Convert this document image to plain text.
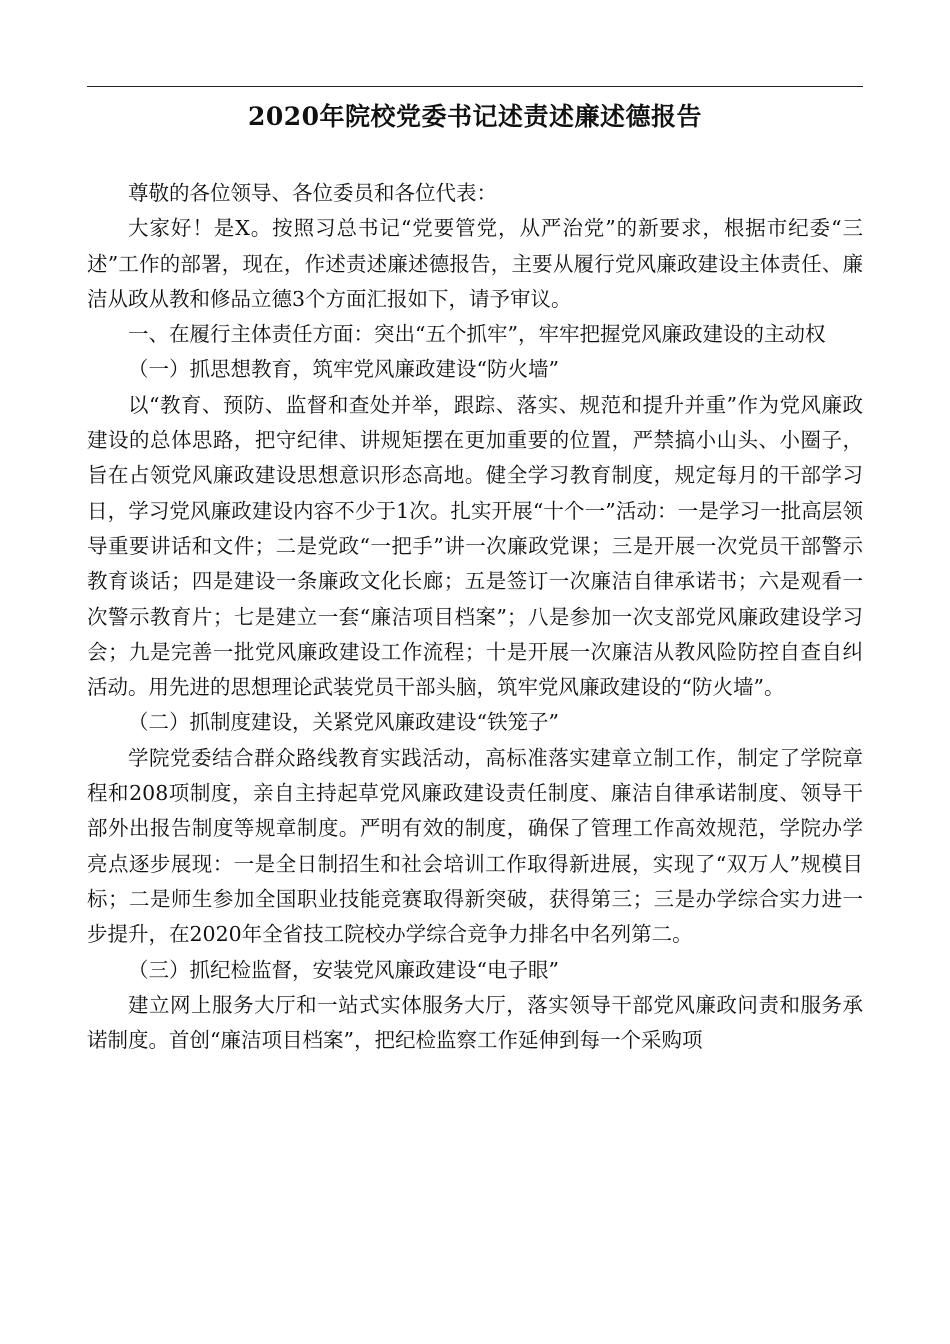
2020年院校党委书记述责述廉述德报告

尊敬的各位领导、各位委员和各位代表：

大家好！是X。按照习总书记“党要管党，从严治党”的新要求，根据市纪委“三述”工作的部署，现在，作述责述廉述德报告，主要从履行党风廉政建设主体责任、廉洁从政从教和修品立德3个方面汇报如下，请予审议。

一、在履行主体责任方面：突出“五个抓牢”，牢牢把握党风廉政建设的主动权

（一）抓思想教育，筑牢党风廉政建设“防火墙”

以“教育、预防、监督和查处并举，跟踪、落实、规范和提升并重”作为党风廉政建设的总体思路，把守纪律、讲规矩摆在更加重要的位置，严禁搞小山头、小圈子，旨在占领党风廉政建设思想意识形态高地。健全学习教育制度，规定每月的干部学习日，学习党风廉政建设内容不少于1次。扎实开展“十个一”活动：一是学习一批高层领导重要讲话和文件；二是党政“一把手”讲一次廉政党课；三是开展一次党员干部警示教育谈话；四是建设一条廉政文化长廊；五是签订一次廉洁自律承诺书；六是观看一次警示教育片；七是建立一套“廉洁项目档案”；八是参加一次支部党风廉政建设学习会；九是完善一批党风廉政建设工作流程；十是开展一次廉洁从教风险防控自查自纠活动。用先进的思想理论武装党员干部头脑，筑牢党风廉政建设的“防火墙”。

（二）抓制度建设，关紧党风廉政建设“铁笼子”

学院党委结合群众路线教育实践活动，高标准落实建章立制工作，制定了学院章程和208项制度，亲自主持起草党风廉政建设责任制度、廉洁自律承诺制度、领导干部外出报告制度等规章制度。严明有效的制度，确保了管理工作高效规范，学院办学亮点逐步展现：一是全日制招生和社会培训工作取得新进展，实现了“双万人”规模目标；二是师生参加全国职业技能竞赛取得新突破，获得第三；三是办学综合实力进一步提升，在2020年全省技工院校办学综合竞争力排名中名列第二。

（三）抓纪检监督，安装党风廉政建设“电子眼”

建立网上服务大厅和一站式实体服务大厅，落实领导干部党风廉政问责和服务承诺制度。首创“廉洁项目档案”，把纪检监察工作延伸到每一个采购项
